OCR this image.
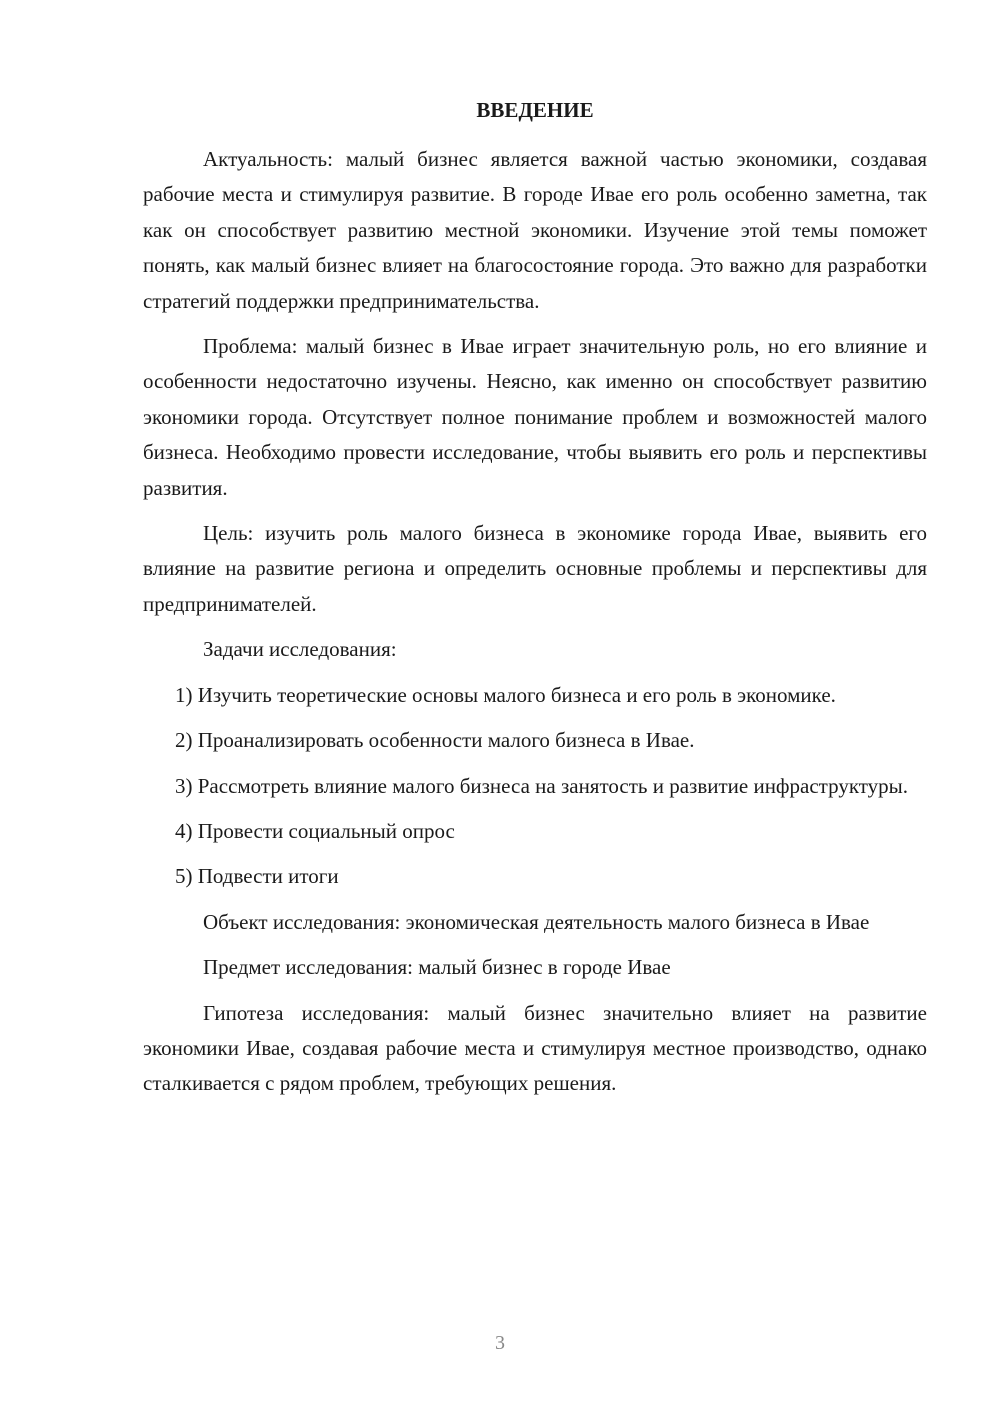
ВВЕДЕНИЕ

Актуальность: малый бизнес является важной частью экономики, создавая рабочие места и стимулируя развитие. В городе Ивае его роль особенно заметна, так как он способствует развитию местной экономики. Изучение этой темы поможет понять, как малый бизнес влияет на благосостояние города. Это важно для разработки стратегий поддержки предпринимательства.

Проблема: малый бизнес в Ивае играет значительную роль, но его влияние и особенности недостаточно изучены. Неясно, как именно он способствует развитию экономики города. Отсутствует полное понимание проблем и возможностей малого бизнеса. Необходимо провести исследование, чтобы выявить его роль и перспективы развития.

Цель: изучить роль малого бизнеса в экономике города Ивае, выявить его влияние на развитие региона и определить основные проблемы и перспективы для предпринимателей.

Задачи исследования:

1) Изучить теоретические основы малого бизнеса и его роль в экономике.

2) Проанализировать особенности малого бизнеса в Ивае.

3) Рассмотреть влияние малого бизнеса на занятость и развитие инфраструктуры.

4) Провести социальный опрос

5) Подвести итоги

Объект исследования: экономическая деятельность малого бизнеса в Ивае

Предмет исследования: малый бизнес в городе Ивае

Гипотеза исследования: малый бизнес значительно влияет на развитие экономики Ивае, создавая рабочие места и стимулируя местное производство, однако сталкивается с рядом проблем, требующих решения.

3
